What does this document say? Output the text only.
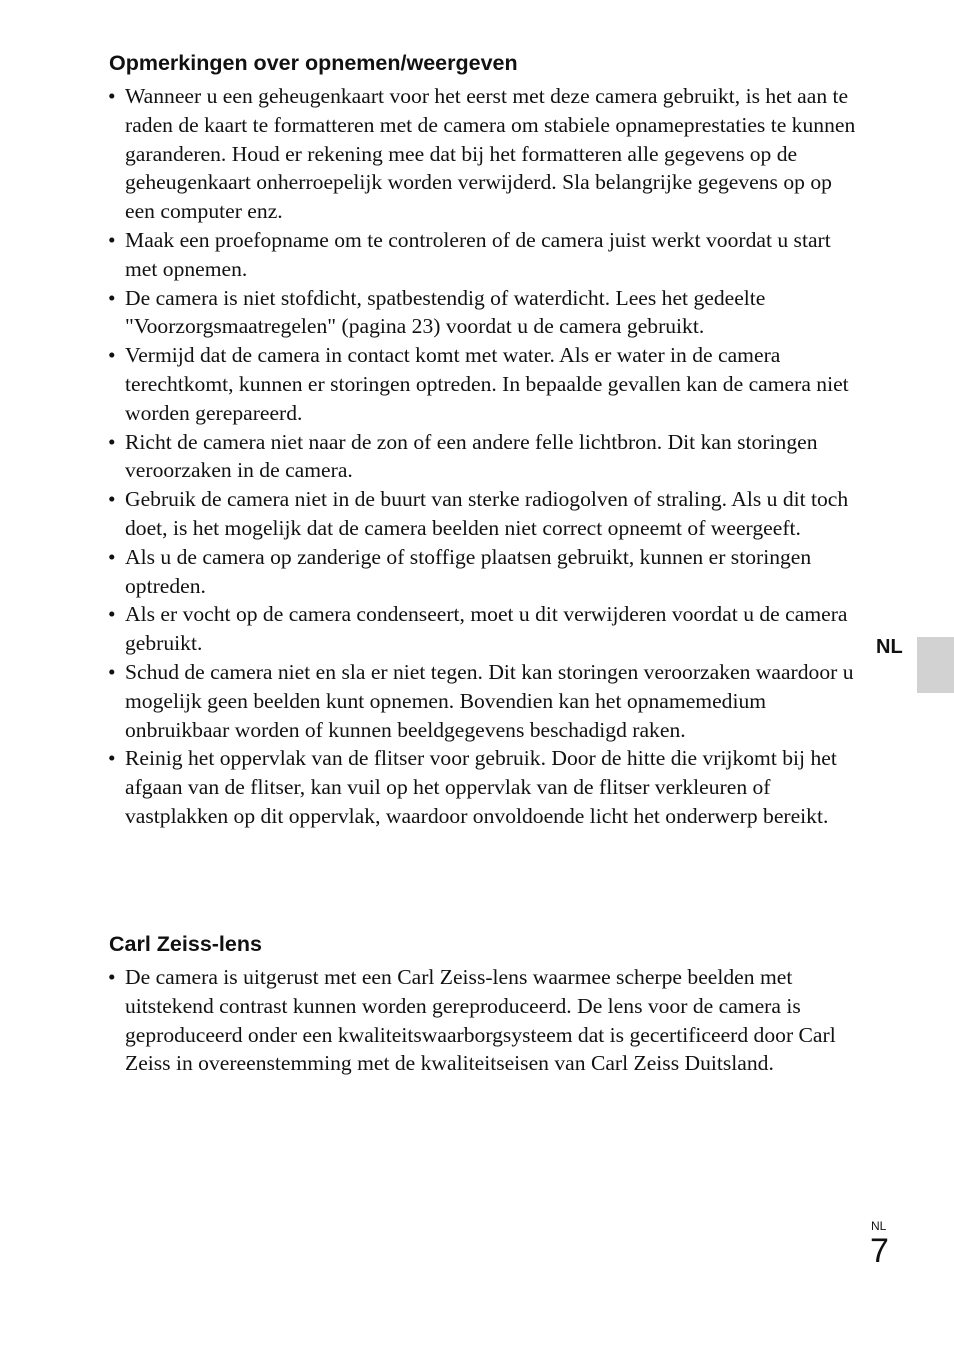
Opmerkingen over opnemen/weergeven
• Wanneer u een geheugenkaart voor het eerst met deze camera gebruikt, is het aan te raden de kaart te formatteren met de camera om stabiele opnameprestaties te kunnen garanderen. Houd er rekening mee dat bij het formatteren alle gegevens op de geheugenkaart onherroepelijk worden verwijderd. Sla belangrijke gegevens op op een computer enz.
• Maak een proefopname om te controleren of de camera juist werkt voordat u start met opnemen.
• De camera is niet stofdicht, spatbestendig of waterdicht. Lees het gedeelte "Voorzorgsmaatregelen" (pagina 23) voordat u de camera gebruikt.
• Vermijd dat de camera in contact komt met water. Als er water in de camera terechtkomt, kunnen er storingen optreden. In bepaalde gevallen kan de camera niet worden gerepareerd.
• Richt de camera niet naar de zon of een andere felle lichtbron. Dit kan storingen veroorzaken in de camera.
• Gebruik de camera niet in de buurt van sterke radiogolven of straling. Als u dit toch doet, is het mogelijk dat de camera beelden niet correct opneemt of weergeeft.
• Als u de camera op zanderige of stoffige plaatsen gebruikt, kunnen er storingen optreden.
• Als er vocht op de camera condenseert, moet u dit verwijderen voordat u de camera gebruikt.
• Schud de camera niet en sla er niet tegen. Dit kan storingen veroorzaken waardoor u mogelijk geen beelden kunt opnemen. Bovendien kan het opnamemedium onbruikbaar worden of kunnen beeldgegevens beschadigd raken.
• Reinig het oppervlak van de flitser voor gebruik. Door de hitte die vrijkomt bij het afgaan van de flitser, kan vuil op het oppervlak van de flitser verkleuren of vastplakken op dit oppervlak, waardoor onvoldoende licht het onderwerp bereikt.
Carl Zeiss-lens
• De camera is uitgerust met een Carl Zeiss-lens waarmee scherpe beelden met uitstekend contrast kunnen worden gereproduceerd. De lens voor de camera is geproduceerd onder een kwaliteitswaarborgsysteem dat is gecertificeerd door Carl Zeiss in overeenstemming met de kwaliteitseisen van Carl Zeiss Duitsland.
NL
NL
7
